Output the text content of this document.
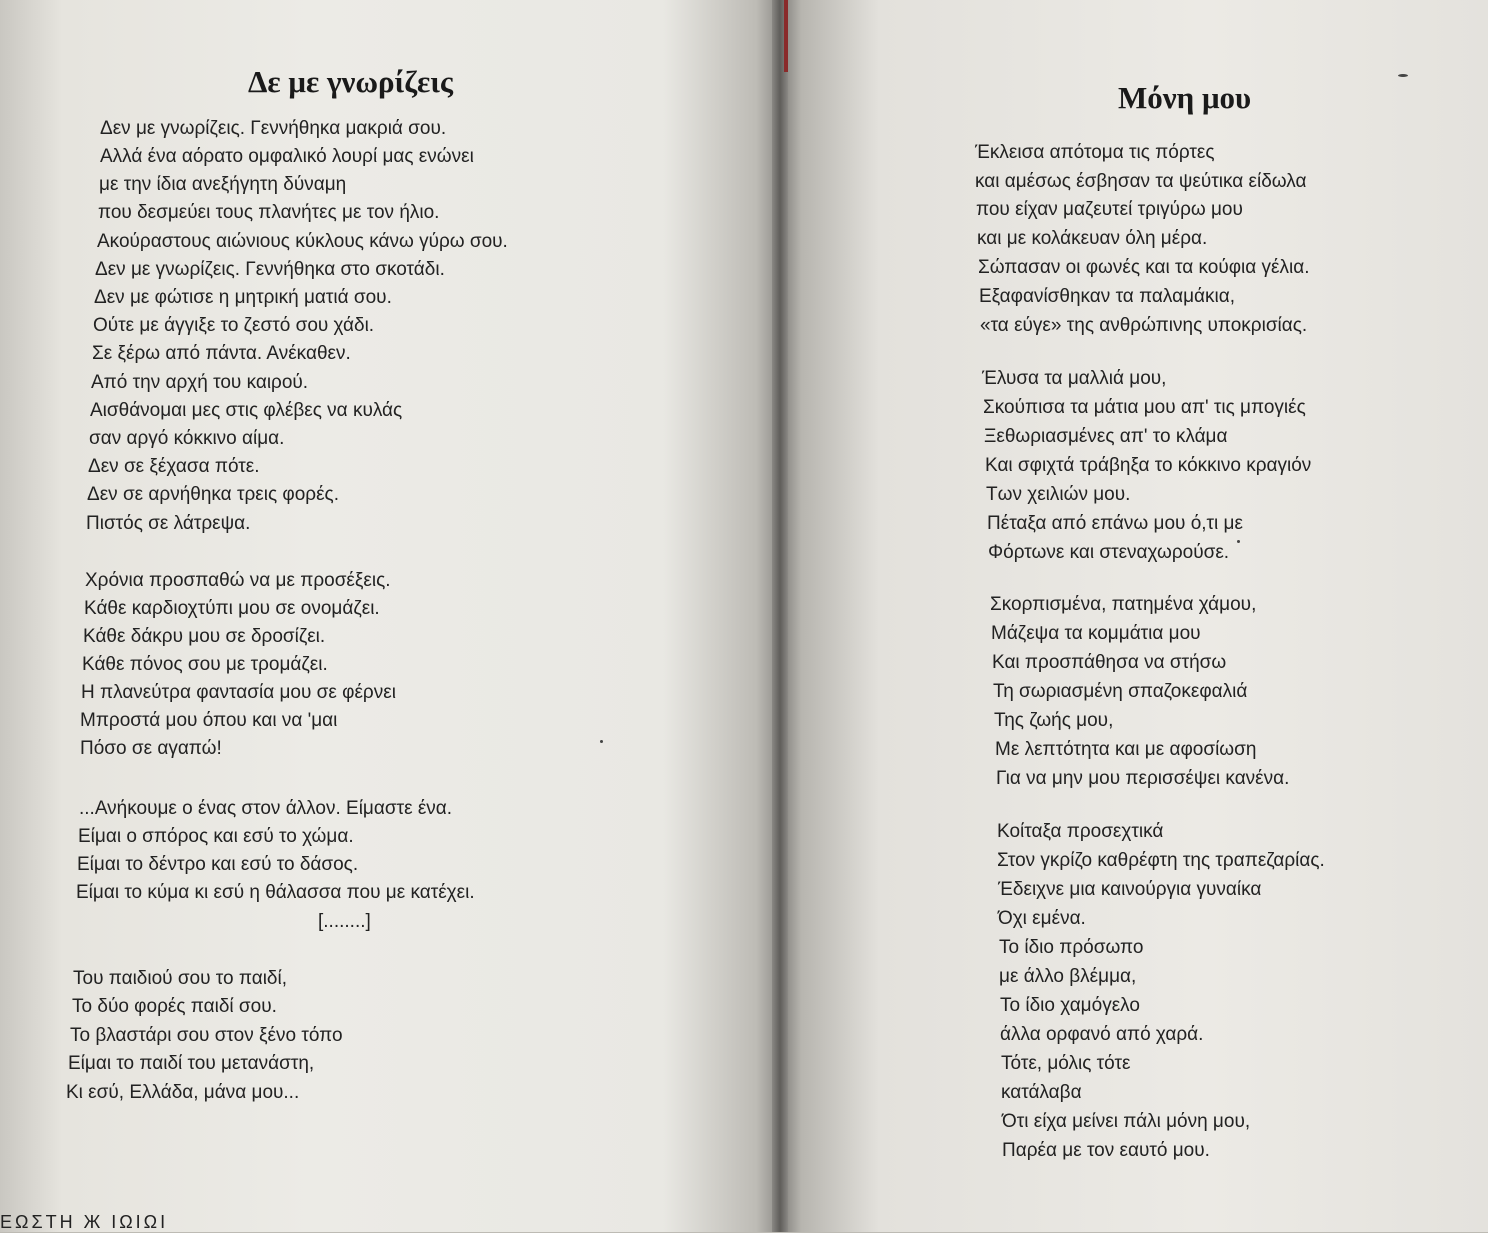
Δε με γνωρίζεις
Δεν με γνωρίζεις. Γεννήθηκα μακριά σου.
Αλλά ένα αόρατο ομφαλικό λουρί μας ενώνει
με την ίδια ανεξήγητη δύναμη
που δεσμεύει τους πλανήτες με τον ήλιο.
Ακούραστους αιώνιους κύκλους κάνω γύρω σου.
Δεν με γνωρίζεις. Γεννήθηκα στο σκοτάδι.
Δεν με φώτισε η μητρική ματιά σου.
Ούτε με άγγιξε το ζεστό σου χάδι.
Σε ξέρω από πάντα. Ανέκαθεν.
Από την αρχή του καιρού.
Αισθάνομαι μες στις φλέβες να κυλάς
σαν αργό κόκκινο αίμα.
Δεν σε ξέχασα πότε.
Δεν σε αρνήθηκα τρεις φορές.
Πιστός σε λάτρεψα.
Χρόνια προσπαθώ να με προσέξεις.
Κάθε καρδιοχτύπι μου σε ονομάζει.
Κάθε δάκρυ μου σε δροσίζει.
Κάθε πόνος σου με τρομάζει.
Η πλανεύτρα φαντασία μου σε φέρνει
Μπροστά μου όπου και να 'μαι
Πόσο σε αγαπώ!
...Ανήκουμε ο ένας στον άλλον. Είμαστε ένα.
Είμαι ο σπόρος και εσύ το χώμα.
Είμαι το δέντρο και εσύ το δάσος.
Είμαι το κύμα κι εσύ η θάλασσα που με κατέχει.
[........]
Του παιδιού σου το παιδί,
Το δύο φορές παιδί σου.
Το βλαστάρι σου στον ξένο τόπο
Είμαι το παιδί του μετανάστη,
Κι εσύ, Ελλάδα, μάνα μου...
Μόνη μου
Έκλεισα απότομα τις πόρτες
και αμέσως έσβησαν τα ψεύτικα είδωλα
που είχαν μαζευτεί τριγύρω μου
και με κολάκευαν όλη μέρα.
Σώπασαν οι φωνές και τα κούφια γέλια.
Εξαφανίσθηκαν τα παλαμάκια,
«τα εύγε» της ανθρώπινης υποκρισίας.
Έλυσα τα μαλλιά μου,
Σκούπισα τα μάτια μου απ' τις μπογιές
Ξεθωριασμένες απ' το κλάμα
Και σφιχτά τράβηξα το κόκκινο κραγιόν
Των χειλιών μου.
Πέταξα από επάνω μου ό,τι με
Φόρτωνε και στεναχωρούσε.
Σκορπισμένα, πατημένα χάμου,
Μάζεψα τα κομμάτια μου
Και προσπάθησα να στήσω
Τη σωριασμένη σπαζοκεφαλιά
Της ζωής μου,
Με λεπτότητα και με αφοσίωση
Για να μην μου περισσέψει κανένα.
Κοίταξα προσεχτικά
Στον γκρίζο καθρέφτη της τραπεζαρίας.
Έδειχνε μια καινούργια γυναίκα
Όχι εμένα.
Το ίδιο πρόσωπο
με άλλο βλέμμα,
Το ίδιο χαμόγελο
άλλα ορφανό από χαρά.
Τότε, μόλις τότε
κατάλαβα
Ότι είχα μείνει πάλι μόνη μου,
Παρέα με τον εαυτό μου.
ΕΩΣΤΗ Ж ΙΩΙΩΙ
